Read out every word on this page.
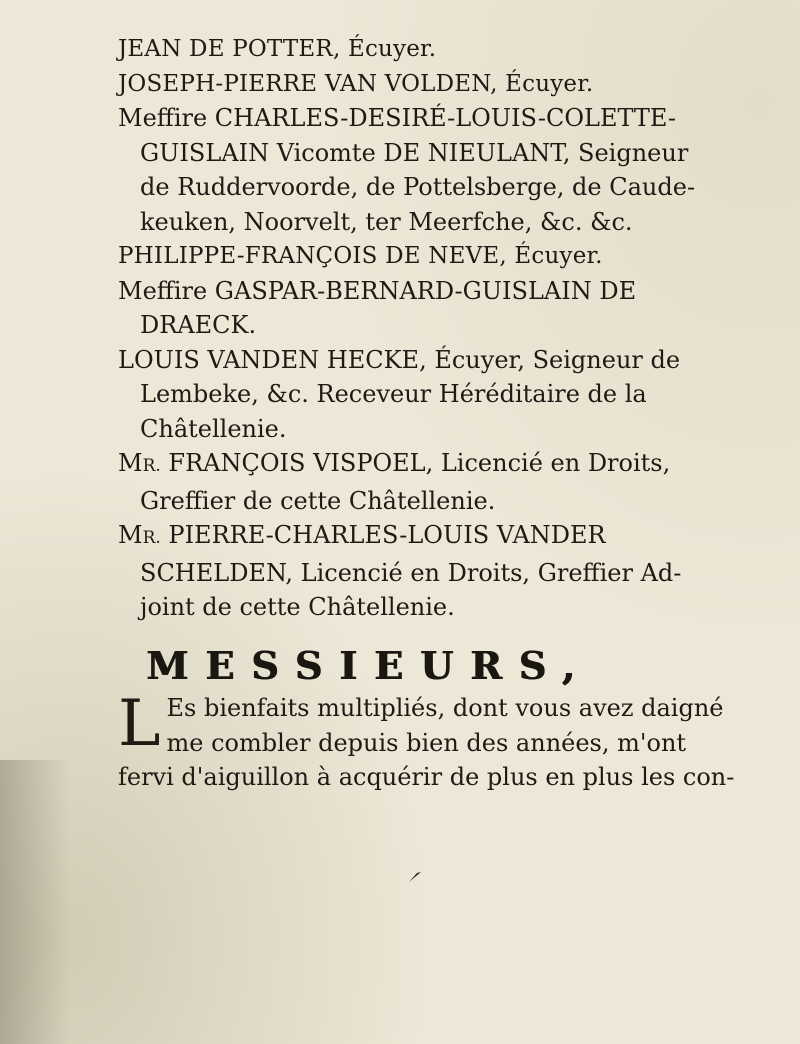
JEAN DE POTTER, Écuyer.

JOSEPH-PIERRE VAN VOLDEN, Écuyer.

Meffire CHARLES-DESIRÉ-LOUIS-COLETTE-
GUISLAIN Vicomte DE NIEULANT, Seigneur
de Ruddervoorde, de Pottelsberge, de Caude-
keuken, Noorvelt, ter Meerfche, &c. &c.

PHILIPPE-FRANÇOIS DE NEVE, Écuyer.

Meffire GASPAR-BERNARD-GUISLAIN DE
DRAECK.

LOUIS VANDEN HECKE, Écuyer, Seigneur de
Lembeke, &c. Receveur Héréditaire de la
Châtellenie.

MR. FRANÇOIS VISPOEL, Licencié en Droits,
Greffier de cette Châtellenie.

MR. PIERRE-CHARLES-LOUIS VANDER
SCHELDEN, Licencié en Droits, Greffier Ad-
joint de cette Châtellenie.

MESSIEURS,
L Es bienfaits multipliés, dont vous avez daigné
me combler depuis bien des années, m'ont
fervi d'aiguillon à acquérir de plus en plus les con-
